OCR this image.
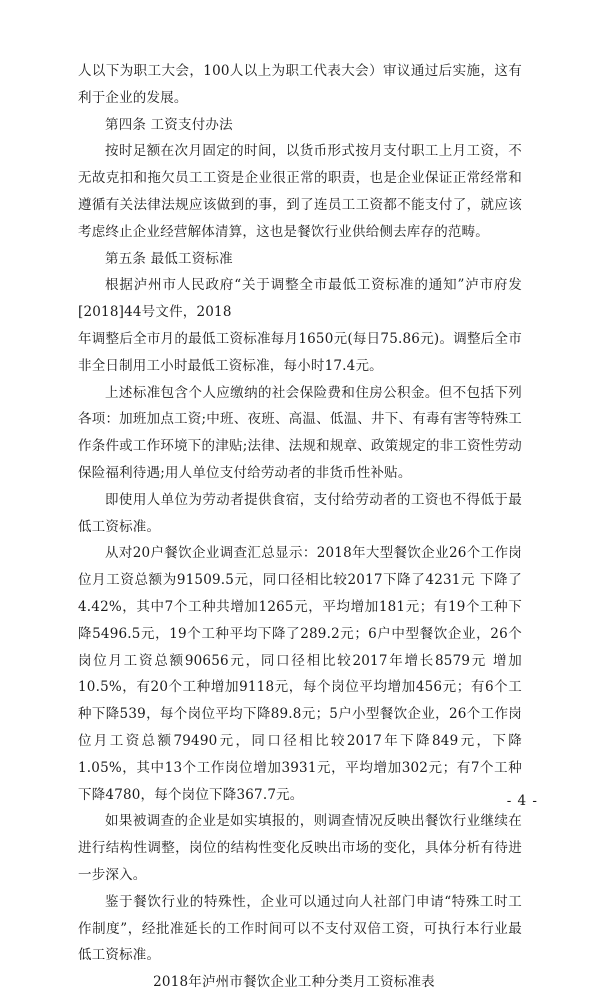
人以下为职工大会，100人以上为职工代表大会）审议通过后实施，这有利于企业的发展。

第四条 工资支付办法

按时足额在次月固定的时间，以货币形式按月支付职工上月工资，不无故克扣和拖欠员工工资是企业很正常的职责，也是企业保证正常经常和遵循有关法律法规应该做到的事，到了连员工工资都不能支付了，就应该考虑终止企业经营解体清算，这也是餐饮行业供给侧去库存的范畴。

第五条 最低工资标准

根据泸州市人民政府“关于调整全市最低工资标准的通知”泸市府发[2018]44号文件，2018

年调整后全市月的最低工资标准每月1650元(每日75.86元)。调整后全市非全日制用工小时最低工资标准，每小时17.4元。

上述标准包含个人应缴纳的社会保险费和住房公积金。但不包括下列各项：加班加点工资;中班、夜班、高温、低温、井下、有毒有害等特殊工作条件或工作环境下的津贴;法律、法规和规章、政策规定的非工资性劳动保险福利待遇;用人单位支付给劳动者的非货币性补贴。

即使用人单位为劳动者提供食宿，支付给劳动者的工资也不得低于最低工资标准。

从对20户餐饮企业调查汇总显示：2018年大型餐饮企业26个工作岗位月工资总额为91509.5元，同口径相比较2017下降了4231元 下降了4.42%，其中7个工种共增加1265元，平均增加181元；有19个工种下降5496.5元，19个工种平均下降了289.2元；6户中型餐饮企业，26个岗位月工资总额90656元，同口径相比较2017年增长8579元 增加10.5%，有20个工种增加9118元，每个岗位平均增加456元；有6个工种下降539，每个岗位平均下降89.8元；5户小型餐饮企业，26个工作岗位月工资总额79490元，同口径相比较2017年下降849元，下降1.05%，其中13个工作岗位增加3931元，平均增加302元；有7个工种下降4780，每个岗位下降367.7元。

如果被调查的企业是如实填报的，则调查情况反映出餐饮行业继续在进行结构性调整，岗位的结构性变化反映出市场的变化，具体分析有待进一步深入。

鉴于餐饮行业的特殊性，企业可以通过向人社部门申请“特殊工时工作制度”，经批准延长的工作时间可以不支付双倍工资，可执行本行业最低工资标准。

2018年泸州市餐饮企业工种分类月工资标准表

- 4 -
